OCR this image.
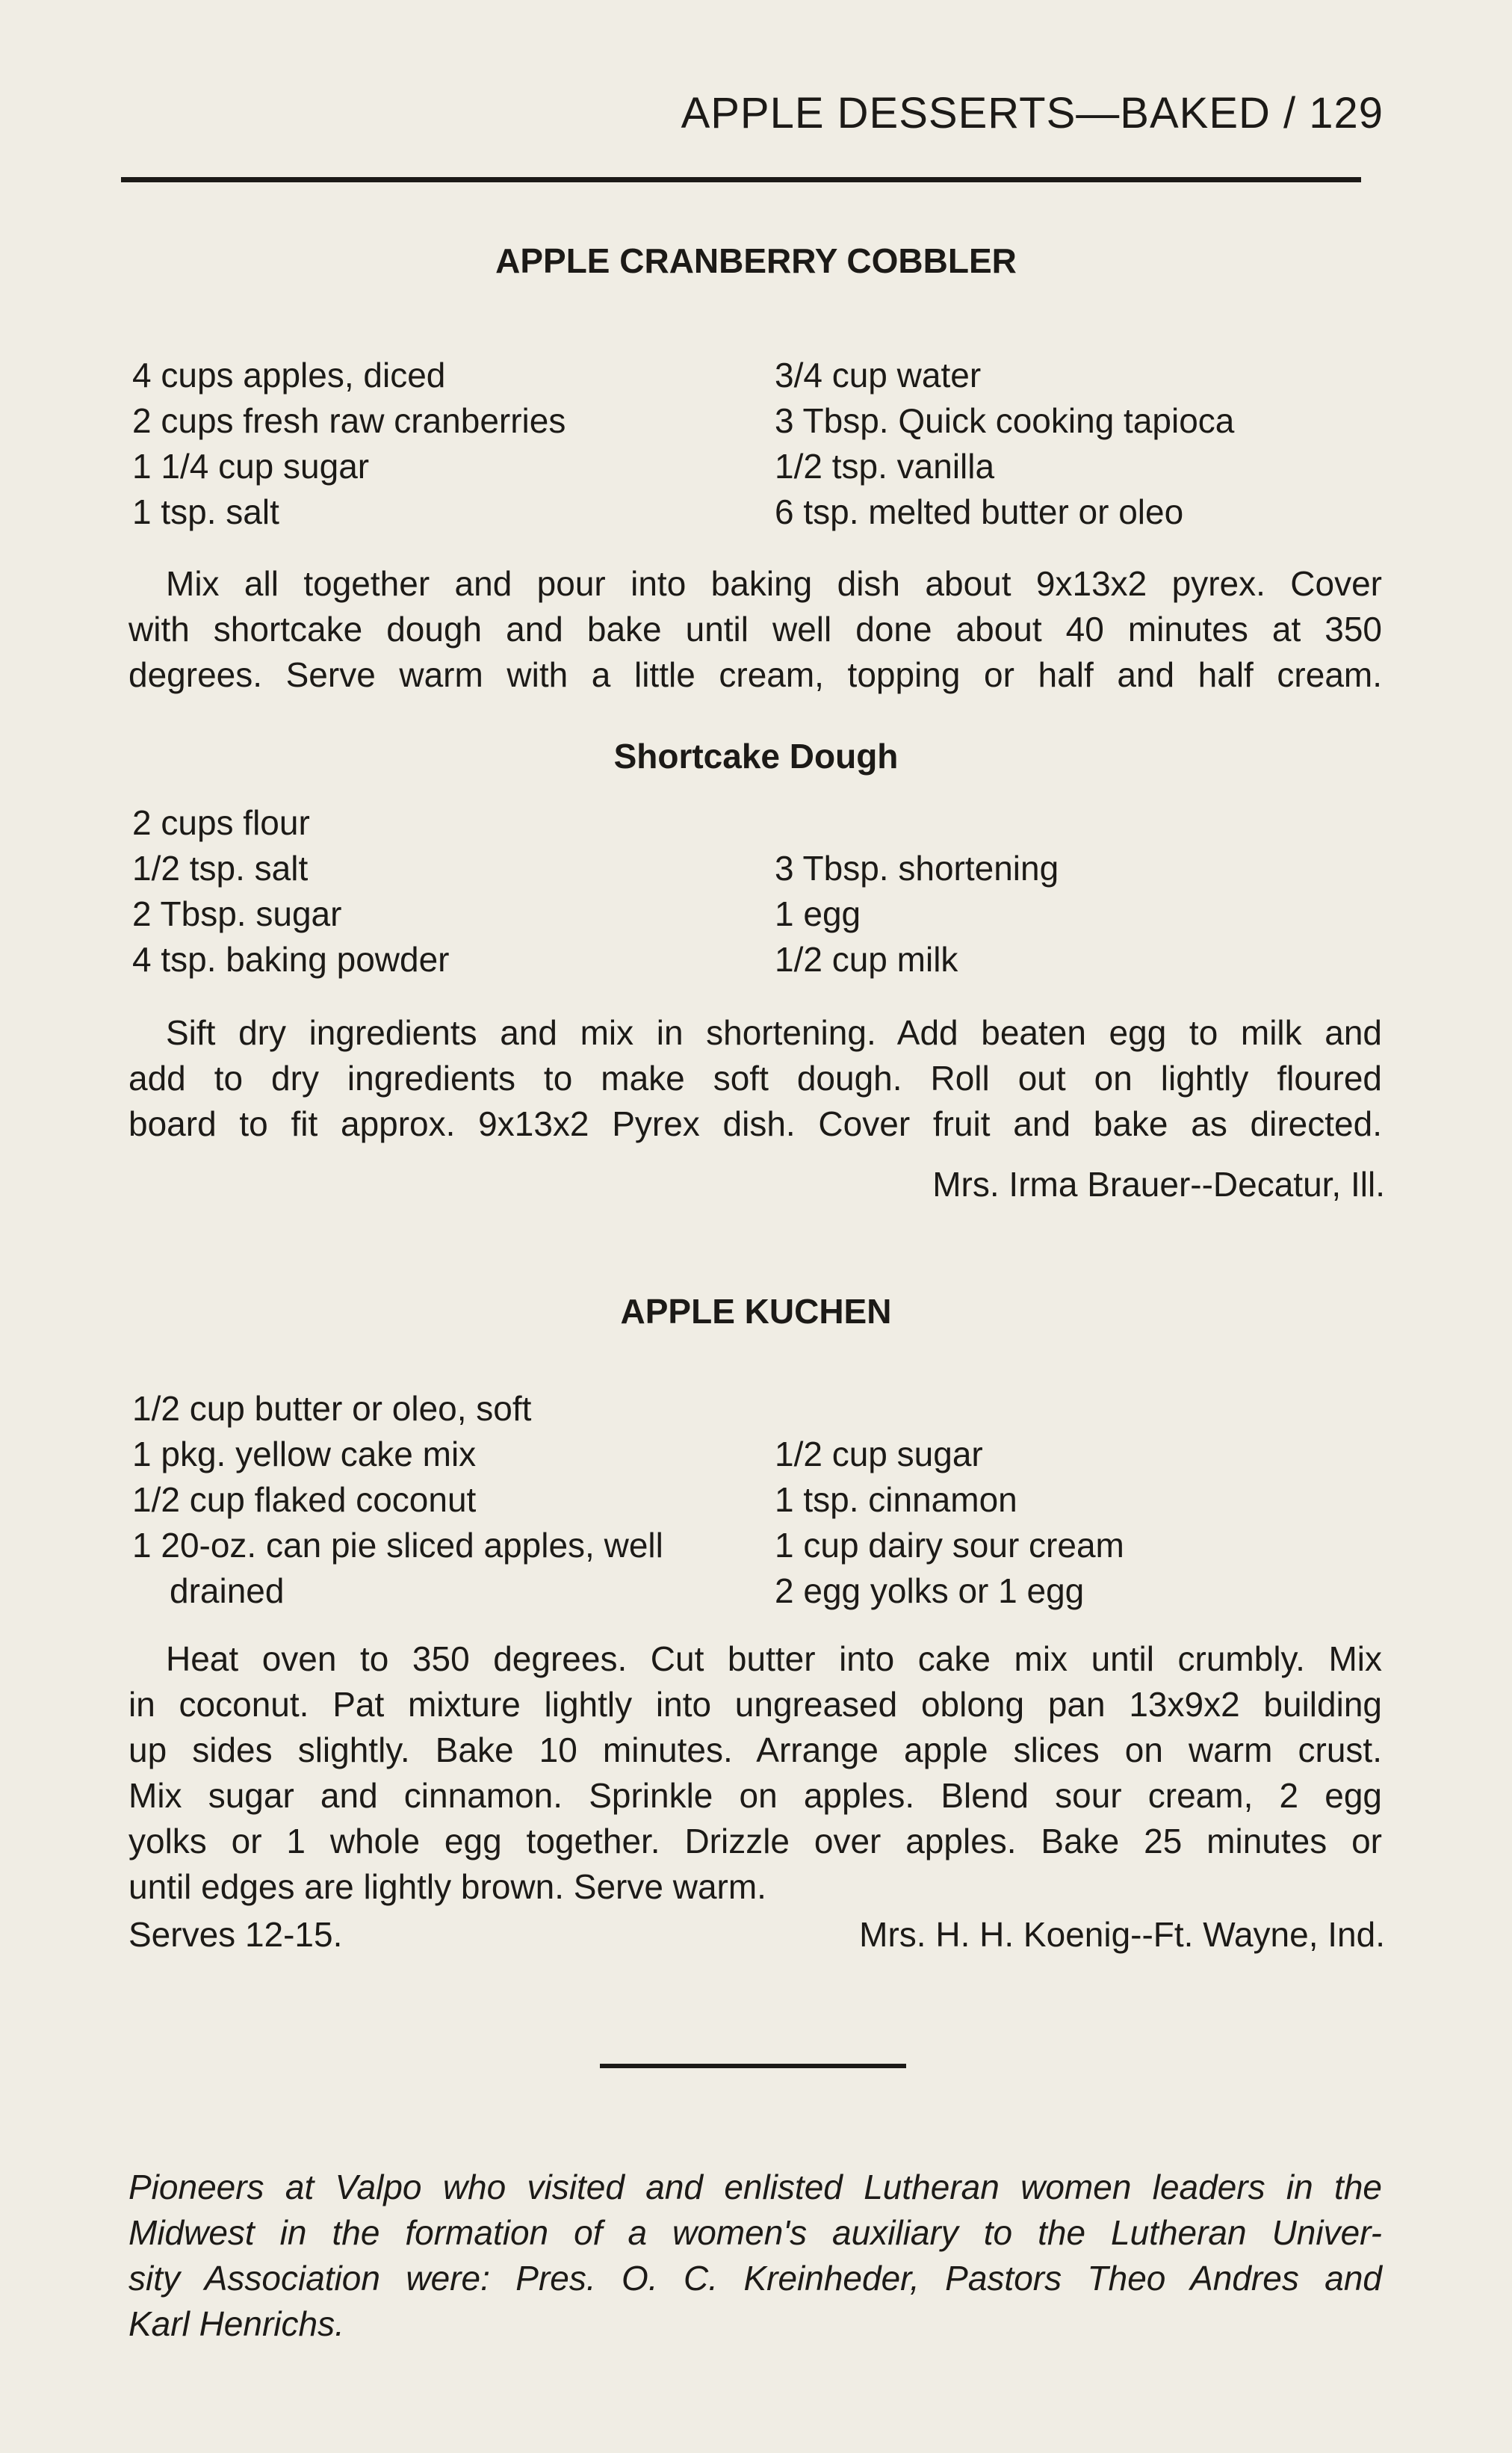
APPLE DESSERTS—BAKED / 129
APPLE CRANBERRY COBBLER
4 cups apples, diced
2 cups fresh raw cranberries
1 1/4 cup sugar
1 tsp. salt
3/4 cup water
3 Tbsp. Quick cooking tapioca
1/2 tsp. vanilla
6 tsp. melted butter or oleo
Mix all together and pour into baking dish about 9x13x2 pyrex. Cover
with shortcake dough and bake until well done about 40 minutes at 350
degrees. Serve warm with a little cream, topping or half and half cream.
Shortcake Dough
2 cups flour
1/2 tsp. salt
2 Tbsp. sugar
4 tsp. baking powder
3 Tbsp. shortening
1 egg
1/2 cup milk
Sift dry ingredients and mix in shortening. Add beaten egg to milk and
add to dry ingredients to make soft dough. Roll out on lightly floured
board to fit approx. 9x13x2 Pyrex dish. Cover fruit and bake as directed.
Mrs. Irma Brauer--Decatur, Ill.
APPLE KUCHEN
1/2 cup butter or oleo, soft
1 pkg. yellow cake mix
1/2 cup flaked coconut
1 20-oz. can pie sliced apples, well
drained
1/2 cup sugar
1 tsp. cinnamon
1 cup dairy sour cream
2 egg yolks or 1 egg
Heat oven to 350 degrees. Cut butter into cake mix until crumbly. Mix
in coconut. Pat mixture lightly into ungreased oblong pan 13x9x2 building
up sides slightly. Bake 10 minutes. Arrange apple slices on warm crust.
Mix sugar and cinnamon. Sprinkle on apples. Blend sour cream, 2 egg
yolks or 1 whole egg together. Drizzle over apples. Bake 25 minutes or
until edges are lightly brown. Serve warm.
Serves 12-15.	Mrs. H. H. Koenig--Ft. Wayne, Ind.
Pioneers at Valpo who visited and enlisted Lutheran women leaders in the
Midwest in the formation of a women's auxiliary to the Lutheran Univer-
sity Association were: Pres. O. C. Kreinheder, Pastors Theo Andres and
Karl Henrichs.
